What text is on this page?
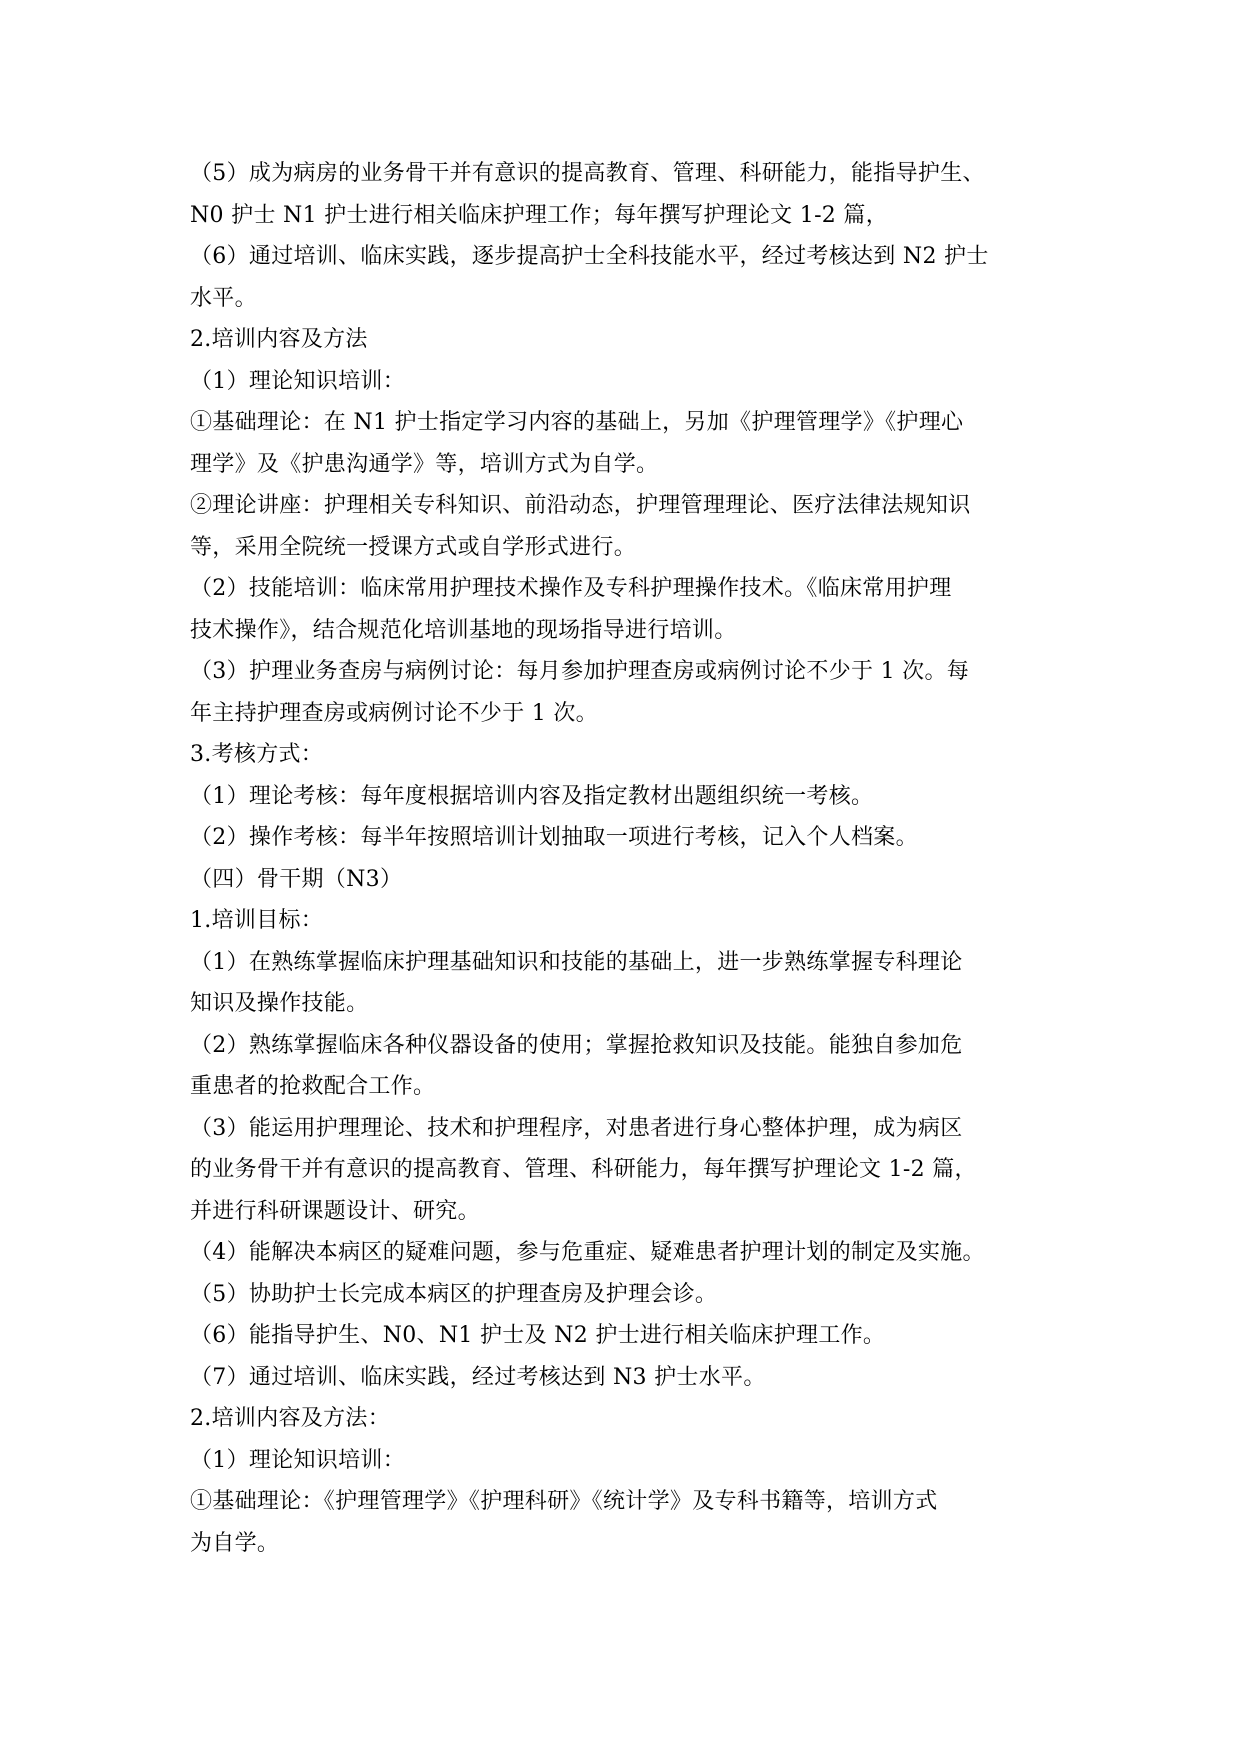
（5）成为病房的业务骨干并有意识的提高教育、管理、科研能力，能指导护生、
N0 护士 N1 护士进行相关临床护理工作；每年撰写护理论文 1-2 篇，
（6）通过培训、临床实践，逐步提高护士全科技能水平，经过考核达到 N2 护士
水平。
2.培训内容及方法
（1）理论知识培训：
①基础理论：在 N1 护士指定学习内容的基础上，另加《护理管理学》《护理心
理学》及《护患沟通学》等，培训方式为自学。
②理论讲座：护理相关专科知识、前沿动态，护理管理理论、医疗法律法规知识
等，采用全院统一授课方式或自学形式进行。
（2）技能培训：临床常用护理技术操作及专科护理操作技术。《临床常用护理
技术操作》，结合规范化培训基地的现场指导进行培训。
（3）护理业务查房与病例讨论：每月参加护理查房或病例讨论不少于 1 次。每
年主持护理查房或病例讨论不少于 1 次。
3.考核方式：
（1）理论考核：每年度根据培训内容及指定教材出题组织统一考核。
（2）操作考核：每半年按照培训计划抽取一项进行考核，记入个人档案。
（四）骨干期（N3）
1.培训目标：
（1）在熟练掌握临床护理基础知识和技能的基础上，进一步熟练掌握专科理论
知识及操作技能。
（2）熟练掌握临床各种仪器设备的使用；掌握抢救知识及技能。能独自参加危
重患者的抢救配合工作。
（3）能运用护理理论、技术和护理程序，对患者进行身心整体护理，成为病区
的业务骨干并有意识的提高教育、管理、科研能力，每年撰写护理论文 1-2 篇，
并进行科研课题设计、研究。
（4）能解决本病区的疑难问题，参与危重症、疑难患者护理计划的制定及实施。
（5）协助护士长完成本病区的护理查房及护理会诊。
（6）能指导护生、N0、N1 护士及 N2 护士进行相关临床护理工作。
（7）通过培训、临床实践，经过考核达到 N3 护士水平。
2.培训内容及方法：
（1）理论知识培训：
①基础理论：《护理管理学》《护理科研》《统计学》及专科书籍等，培训方式
为自学。
